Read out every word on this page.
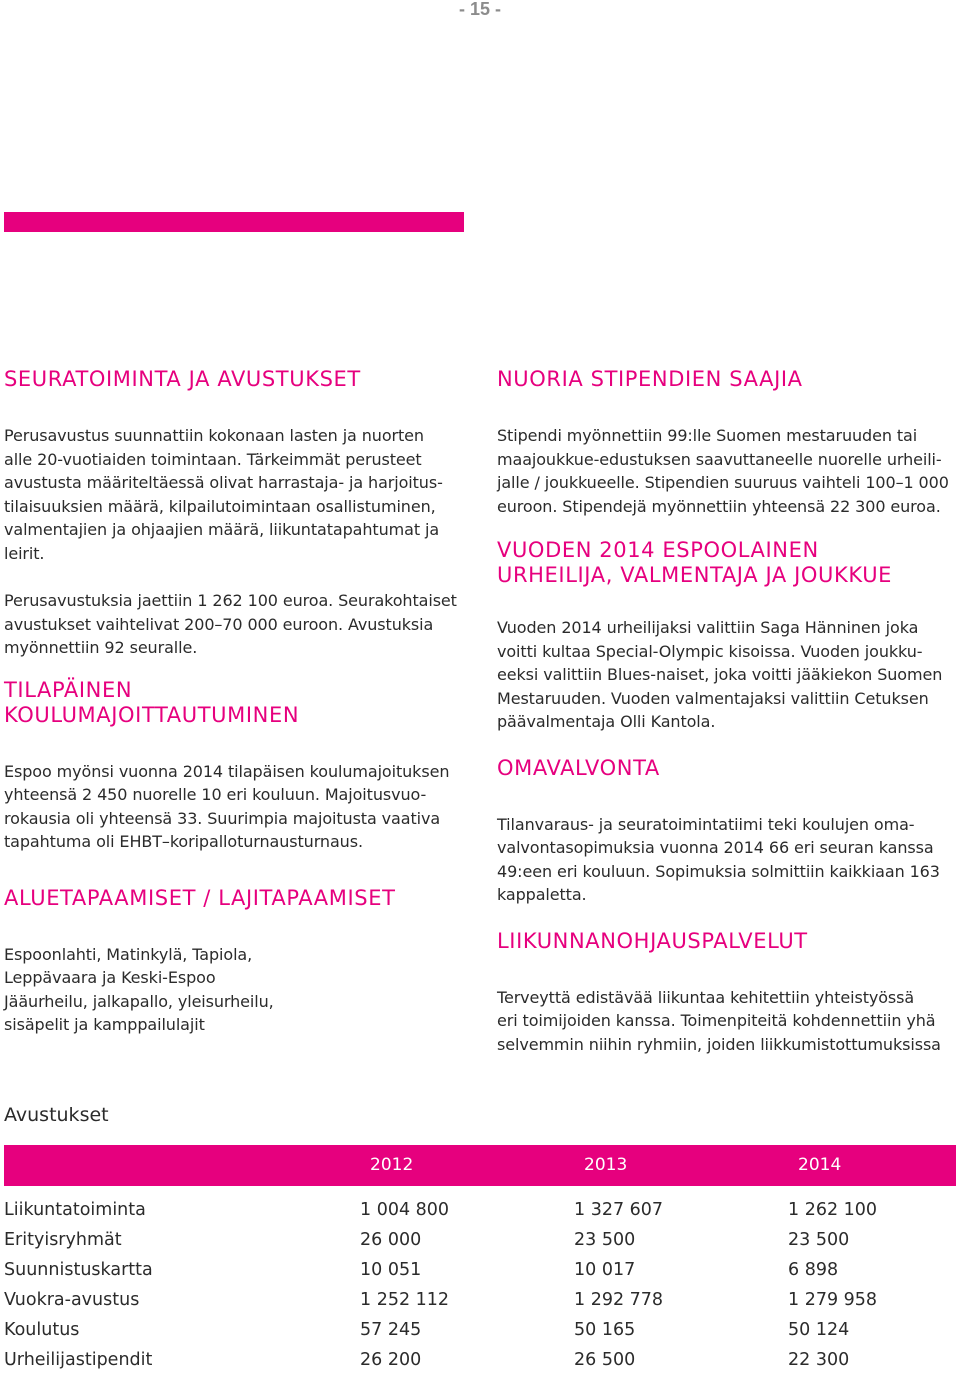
- 15 -
SEURATOIMINTA JA AVUSTUKSET

Perusavustus suunnattiin kokonaan lasten ja nuorten
alle 20-vuotiaiden toimintaan. Tärkeimmät perusteet
avustusta määriteltäessä olivat harrastaja- ja harjoitus-
tilaisuuksien määrä, kilpailutoimintaan osallistuminen,
valmentajien ja ohjaajien määrä, liikuntatapahtumat ja
leirit.

Perusavustuksia jaettiin 1 262 100 euroa. Seurakohtaiset
avustukset vaihtelivat 200–70 000 euroon. Avustuksia
myönnettiin 92 seuralle.

TILAPÄINEN
KOULUMAJOITTAUTUMINEN

Espoo myönsi vuonna 2014 tilapäisen koulumajoituksen
yhteensä 2 450 nuorelle 10 eri kouluun. Majoitusvuo-
rokausia oli yhteensä 33. Suurimpia majoitusta vaativa
tapahtuma oli EHBT–koripalloturnausturnaus.

ALUETAPAAMISET / LAJITAPAAMISET

Espoonlahti, Matinkylä, Tapiola,
Leppävaara ja Keski-Espoo
Jääurheilu, jalkapallo, yleisurheilu,
sisäpelit ja kamppailulajit

NUORIA STIPENDIEN SAAJIA

Stipendi myönnettiin 99:lle Suomen mestaruuden tai
maajoukkue-edustuksen saavuttaneelle nuorelle urheili-
jalle / joukkueelle. Stipendien suuruus vaihteli 100–1 000
euroon. Stipendejä myönnettiin yhteensä 22 300 euroa.

VUODEN 2014 ESPOOLAINEN
URHEILIJA, VALMENTAJA JA JOUKKUE

Vuoden 2014 urheilijaksi valittiin Saga Hänninen joka
voitti kultaa Special-Olympic kisoissa. Vuoden joukku-
eeksi valittiin Blues-naiset, joka voitti jääkiekon Suomen
Mestaruuden. Vuoden valmentajaksi valittiin Cetuksen
päävalmentaja Olli Kantola.

OMAVALVONTA

Tilanvaraus- ja seuratoimintatiimi teki koulujen oma-
valvontasopimuksia vuonna 2014 66 eri seuran kanssa
49:een eri kouluun. Sopimuksia solmittiin kaikkiaan 163
kappaletta.

LIIKUNNANOHJAUSPALVELUT

Terveyttä edistävää liikuntaa kehitettiin yhteistyössä
eri toimijoiden kanssa. Toimenpiteitä kohdennettiin yhä
selvemmin niihin ryhmiin, joiden liikkumistottumuksissa

Avustukset
2012	2013	2014
Liikuntatoiminta	1 004 800	1 327 607	1 262 100
Erityisryhmät	26 000	23 500	23 500
Suunnistuskartta	10 051	10 017	6 898
Vuokra-avustus	1 252 112	1 292 778	1 279 958
Koulutus	57 245	50 165	50 124
Urheilijastipendit	26 200	26 500	22 300
